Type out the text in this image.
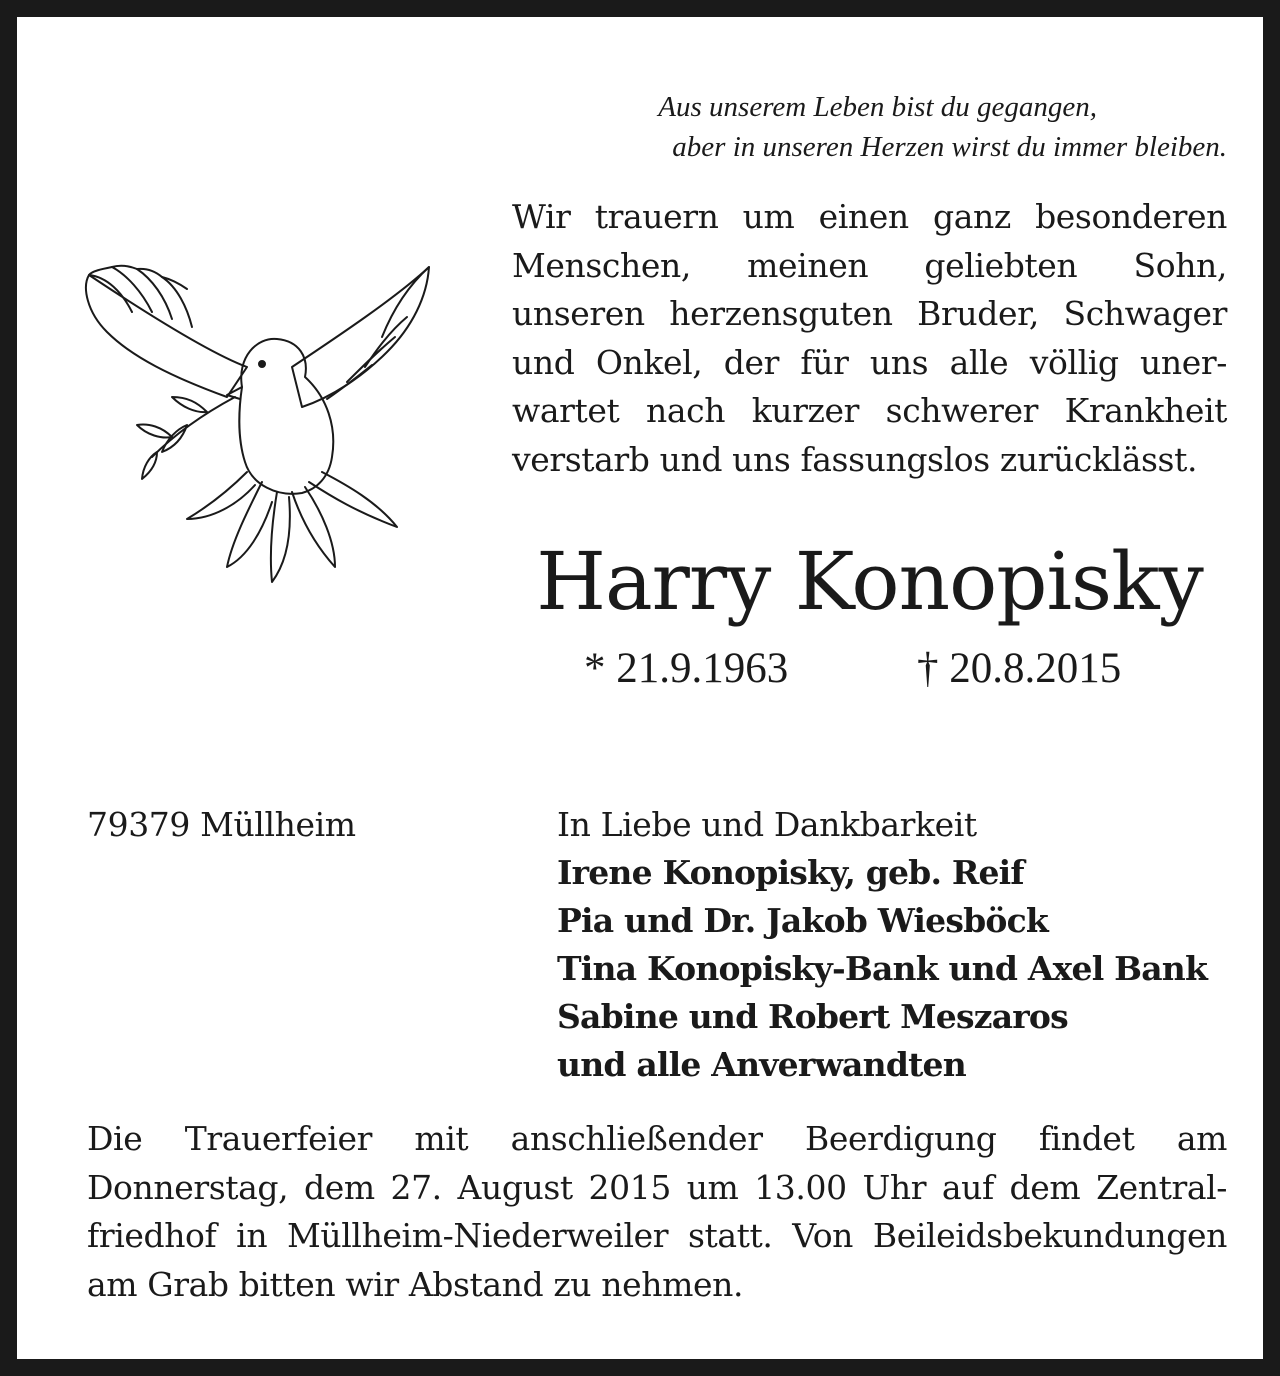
Aus unserem Leben bist du gegangen,
aber in unseren Herzen wirst du immer bleiben.
Wir trauern um einen ganz besonderen
Menschen, meinen geliebten Sohn,
unseren herzensguten Bruder, Schwager
und Onkel, der für uns alle völlig uner-
wartet nach kurzer schwerer Krankheit
verstarb und uns fassungslos zurücklässt.
Harry Konopisky
* 21.9.1963	† 20.8.2015
79379 Müllheim	In Liebe und Dankbarkeit
Irene Konopisky, geb. Reif
Pia und Dr. Jakob Wiesböck
Tina Konopisky-Bank und Axel Bank
Sabine und Robert Meszaros
und alle Anverwandten
Die Trauerfeier mit anschließender Beerdigung findet am
Donnerstag, dem 27. August 2015 um 13.00 Uhr auf dem Zentral-
friedhof in Müllheim-Niederweiler statt. Von Beileidsbekundungen
am Grab bitten wir Abstand zu nehmen.
